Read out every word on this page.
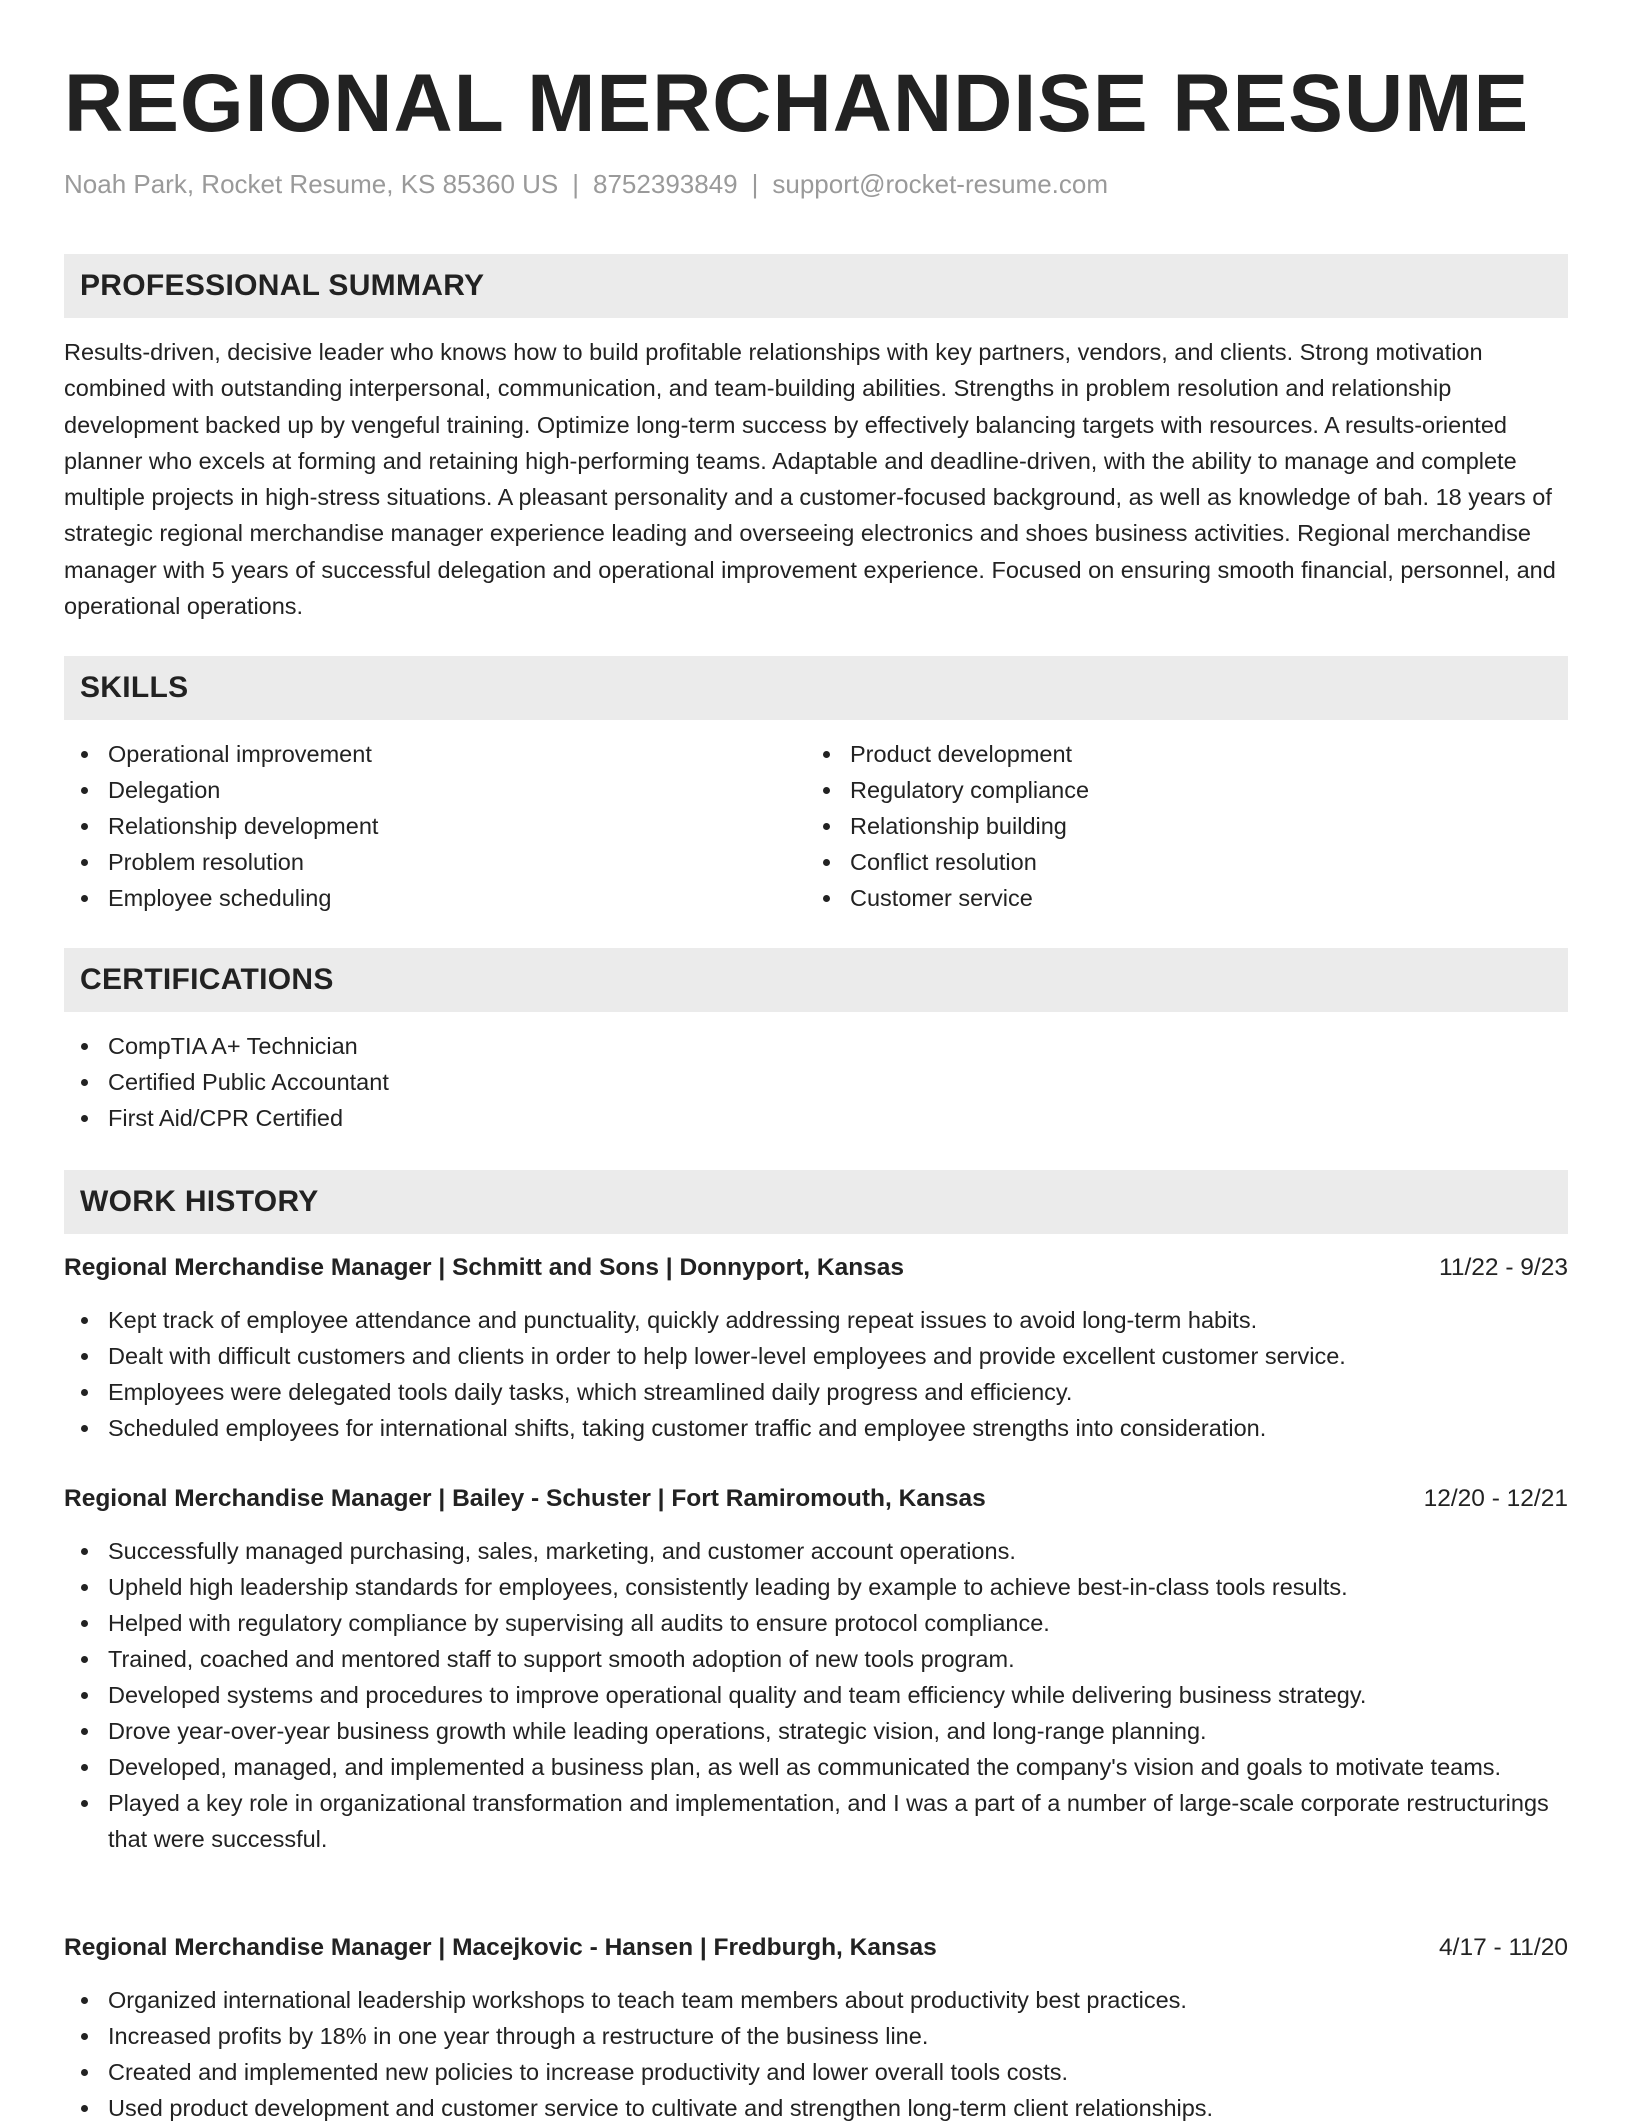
REGIONAL MERCHANDISE RESUME
Noah Park, Rocket Resume, KS 85360 US | 8752393849 | support@rocket-resume.com
PROFESSIONAL SUMMARY
Results-driven, decisive leader who knows how to build profitable relationships with key partners, vendors, and clients. Strong motivation combined with outstanding interpersonal, communication, and team-building abilities. Strengths in problem resolution and relationship development backed up by vengeful training. Optimize long-term success by effectively balancing targets with resources. A results-oriented planner who excels at forming and retaining high-performing teams. Adaptable and deadline-driven, with the ability to manage and complete multiple projects in high-stress situations. A pleasant personality and a customer-focused background, as well as knowledge of bah. 18 years of strategic regional merchandise manager experience leading and overseeing electronics and shoes business activities. Regional merchandise manager with 5 years of successful delegation and operational improvement experience. Focused on ensuring smooth financial, personnel, and operational operations.
SKILLS
Operational improvement
Delegation
Relationship development
Problem resolution
Employee scheduling
Product development
Regulatory compliance
Relationship building
Conflict resolution
Customer service
CERTIFICATIONS
CompTIA A+ Technician
Certified Public Accountant
First Aid/CPR Certified
WORK HISTORY
Regional Merchandise Manager | Schmitt and Sons | Donnyport, Kansas	11/22 - 9/23
Kept track of employee attendance and punctuality, quickly addressing repeat issues to avoid long-term habits.
Dealt with difficult customers and clients in order to help lower-level employees and provide excellent customer service.
Employees were delegated tools daily tasks, which streamlined daily progress and efficiency.
Scheduled employees for international shifts, taking customer traffic and employee strengths into consideration.
Regional Merchandise Manager | Bailey - Schuster | Fort Ramiromouth, Kansas	12/20 - 12/21
Successfully managed purchasing, sales, marketing, and customer account operations.
Upheld high leadership standards for employees, consistently leading by example to achieve best-in-class tools results.
Helped with regulatory compliance by supervising all audits to ensure protocol compliance.
Trained, coached and mentored staff to support smooth adoption of new tools program.
Developed systems and procedures to improve operational quality and team efficiency while delivering business strategy.
Drove year-over-year business growth while leading operations, strategic vision, and long-range planning.
Developed, managed, and implemented a business plan, as well as communicated the company's vision and goals to motivate teams.
Played a key role in organizational transformation and implementation, and I was a part of a number of large-scale corporate restructurings that were successful.
Regional Merchandise Manager | Macejkovic - Hansen | Fredburgh, Kansas	4/17 - 11/20
Organized international leadership workshops to teach team members about productivity best practices.
Increased profits by 18% in one year through a restructure of the business line.
Created and implemented new policies to increase productivity and lower overall tools costs.
Used product development and customer service to cultivate and strengthen long-term client relationships.
